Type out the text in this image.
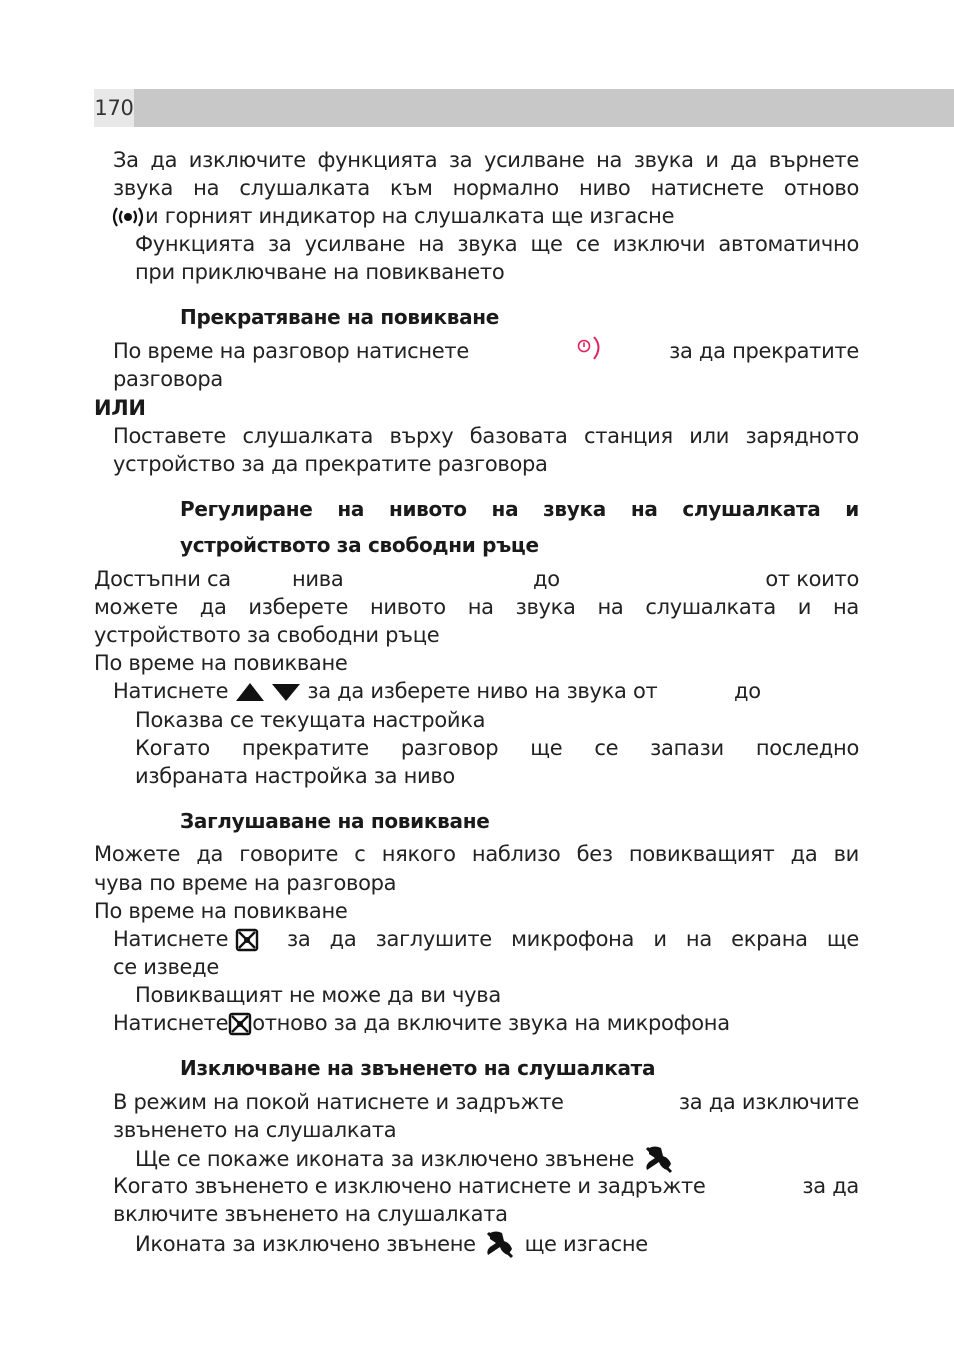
170
За да изключите функцията за усилване на звука и да върнете
звука на слушалката към нормално ниво натиснете отново
и горният индикатор на слушалката ще изгасне
Функцията за усилване на звука ще се изключи автоматично
при приключване на повикването
Прекратяване на повикване
По време на разговор натиснете	за да прекратите
разговора
ИЛИ
Поставете слушалката върху базовата станция или зарядното
устройство за да прекратите разговора
Регулиране на нивото на звука на слушалката и
устройството за свободни ръце
Достъпни са	нива	до	от които
можете да изберете нивото на звука на слушалката и на
устройството за свободни ръце
По време на повикване
Натиснете
	за да изберете ниво на звука от	до
Показва се текущата настройка
Когато прекратите разговор ще се запази последно
избраната настройка за ниво
Заглушаване на повикване
Можете да говорите с някого наблизо без повикващият да ви
чува по време на разговора
По време на повикване
Натиснете	за да заглушите микрофона и на екрана ще
се изведе
Повикващият не може да ви чува
Натиснете отново за да включите звука на микрофона
Изключване на звъненето на слушалката
В режим на покой натиснете и задръжте	за да изключите
звъненето на слушалката
Ще се покаже иконата за изключено звънене
Когато звъненето е изключено натиснете и задръжте	за да
включите звъненето на слушалката
Иконата за изключено звънене ще изгасне
